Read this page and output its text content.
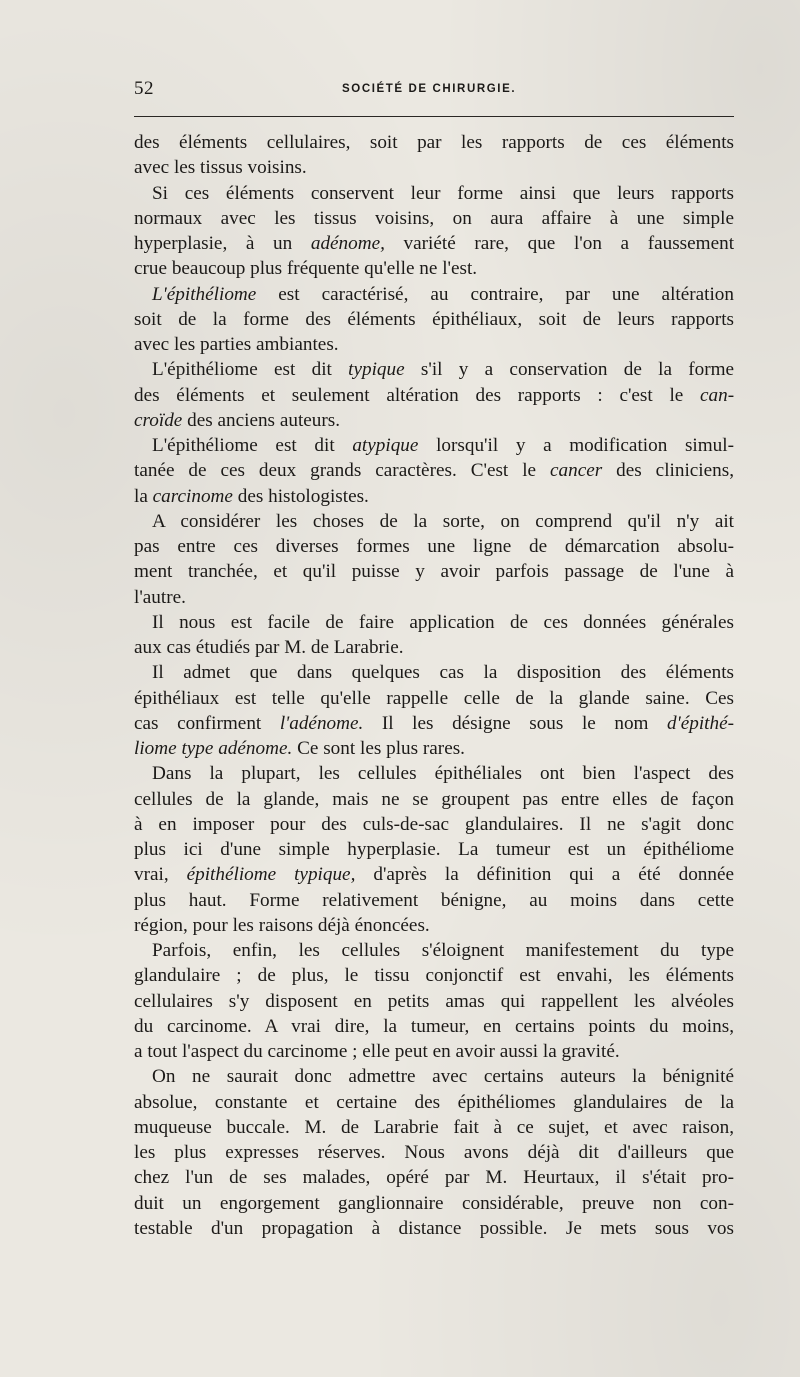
52	SOCIÉTÉ DE CHIRURGIE.
des éléments cellulaires, soit par les rapports de ces éléments
avec les tissus voisins.
Si ces éléments conservent leur forme ainsi que leurs rapports
normaux avec les tissus voisins, on aura affaire à une simple
hyperplasie, à un adénome, variété rare, que l'on a faussement
crue beaucoup plus fréquente qu'elle ne l'est.
L'épithéliome est caractérisé, au contraire, par une altération
soit de la forme des éléments épithéliaux, soit de leurs rapports
avec les parties ambiantes.
L'épithéliome est dit typique s'il y a conservation de la forme
des éléments et seulement altération des rapports : c'est le can-
croïde des anciens auteurs.
L'épithéliome est dit atypique lorsqu'il y a modification simul-
tanée de ces deux grands caractères. C'est le cancer des cliniciens,
la carcinome des histologistes.
A considérer les choses de la sorte, on comprend qu'il n'y ait
pas entre ces diverses formes une ligne de démarcation absolu-
ment tranchée, et qu'il puisse y avoir parfois passage de l'une à
l'autre.
Il nous est facile de faire application de ces données générales
aux cas étudiés par M. de Larabrie.
Il admet que dans quelques cas la disposition des éléments
épithéliaux est telle qu'elle rappelle celle de la glande saine. Ces
cas confirment l'adénome. Il les désigne sous le nom d'épithé-
liome type adénome. Ce sont les plus rares.
Dans la plupart, les cellules épithéliales ont bien l'aspect des
cellules de la glande, mais ne se groupent pas entre elles de façon
à en imposer pour des culs-de-sac glandulaires. Il ne s'agit donc
plus ici d'une simple hyperplasie. La tumeur est un épithéliome
vrai, épithéliome typique, d'après la définition qui a été donnée
plus haut. Forme relativement bénigne, au moins dans cette
région, pour les raisons déjà énoncées.
Parfois, enfin, les cellules s'éloignent manifestement du type
glandulaire ; de plus, le tissu conjonctif est envahi, les éléments
cellulaires s'y disposent en petits amas qui rappellent les alvéoles
du carcinome. A vrai dire, la tumeur, en certains points du moins,
a tout l'aspect du carcinome ; elle peut en avoir aussi la gravité.
On ne saurait donc admettre avec certains auteurs la bénignité
absolue, constante et certaine des épithéliomes glandulaires de la
muqueuse buccale. M. de Larabrie fait à ce sujet, et avec raison,
les plus expresses réserves. Nous avons déjà dit d'ailleurs que
chez l'un de ses malades, opéré par M. Heurtaux, il s'était pro-
duit un engorgement ganglionnaire considérable, preuve non con-
testable d'un propagation à distance possible. Je mets sous vos
